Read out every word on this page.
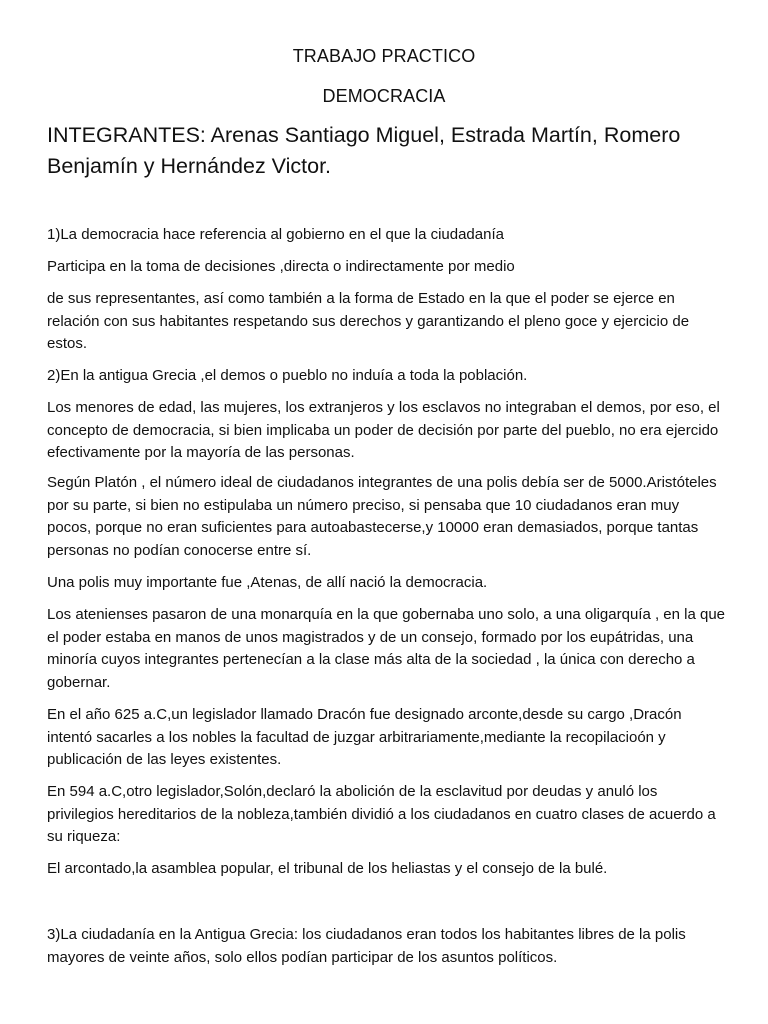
TRABAJO PRACTICO
DEMOCRACIA
INTEGRANTES: Arenas Santiago Miguel, Estrada Martín, Romero Benjamín y Hernández Victor.
1)La democracia hace referencia al gobierno en el que la ciudadanía
Participa en la toma de decisiones ,directa o indirectamente por medio
de sus representantes, así como también a la forma de Estado en la que el poder se ejerce en relación con sus habitantes respetando sus derechos y garantizando el pleno goce y ejercicio de estos.
2)En la antigua Grecia ,el demos o pueblo no induía a toda la población.
Los menores de edad, las mujeres, los extranjeros y los esclavos no integraban el demos, por eso, el concepto de democracia, si bien implicaba un poder de decisión por parte del pueblo, no era ejercido efectivamente por la mayoría de las personas.
Según Platón , el número ideal de ciudadanos integrantes de una polis debía ser de 5000.Aristóteles por su parte, si bien no estipulaba un número preciso, si pensaba que 10 ciudadanos eran muy pocos, porque no eran suficientes para autoabastecerse,y 10000 eran demasiados, porque tantas personas no podían conocerse entre sí.
Una polis muy importante fue ,Atenas, de allí nació la democracia.
Los atenienses pasaron de una monarquía en la que gobernaba uno solo, a una oligarquía , en la que el poder estaba en manos de unos magistrados y de un consejo, formado por los eupátridas, una minoría cuyos integrantes pertenecían a la clase más alta de la sociedad , la única con derecho a gobernar.
En el año 625 a.C,un legislador llamado Dracón fue designado arconte,desde su cargo ,Dracón intentó sacarles a los nobles la facultad de juzgar arbitrariamente,mediante la recopilacioón y publicación de las leyes existentes.
En 594 a.C,otro legislador,Solón,declaró la abolición de la esclavitud por deudas y anuló los privilegios hereditarios de la nobleza,también dividió a los ciudadanos en cuatro clases de acuerdo a su riqueza:
El arcontado,la asamblea popular, el tribunal de los heliastas y el consejo de la bulé.
3)La ciudadanía en la Antigua Grecia: los ciudadanos eran todos los habitantes libres de la polis mayores de veinte años, solo ellos podían participar de los asuntos políticos.
